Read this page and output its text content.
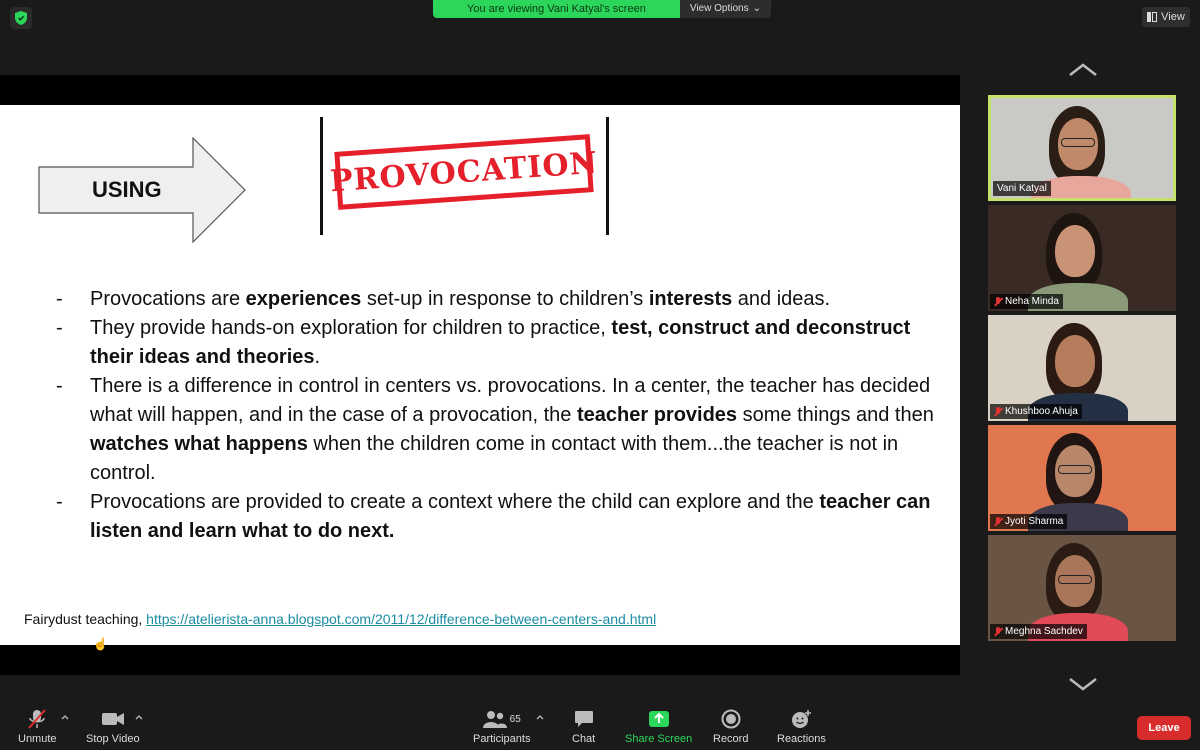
You are viewing Vani Katyal's screen	View Options ⌄
View
USING	PROVOCATION
-	Provocations are experiences set-up in response to children’s interests and ideas.
-	They provide hands-on exploration for children to practice, test, construct and deconstruct their ideas and theories.
-	There is a difference in control in centers vs. provocations. In a center, the teacher has decided what will happen, and in the case of a provocation, the teacher provides some things and then watches what happens when the children come in contact with them...the teacher is not in control.
-	Provocations are provided to create a context where the child can explore and the teacher can listen and learn what to do next.
Fairydust teaching, https://atelierista-anna.blogspot.com/2011/12/difference-between-centers-and.html
☝
Vani Katyal
Neha Minda
Khushboo Ahuja
Jyoti Sharma
Meghna Sachdev
Unmute	Stop Video
65
Participants	Chat	Share Screen Record	Reactions
Leave
